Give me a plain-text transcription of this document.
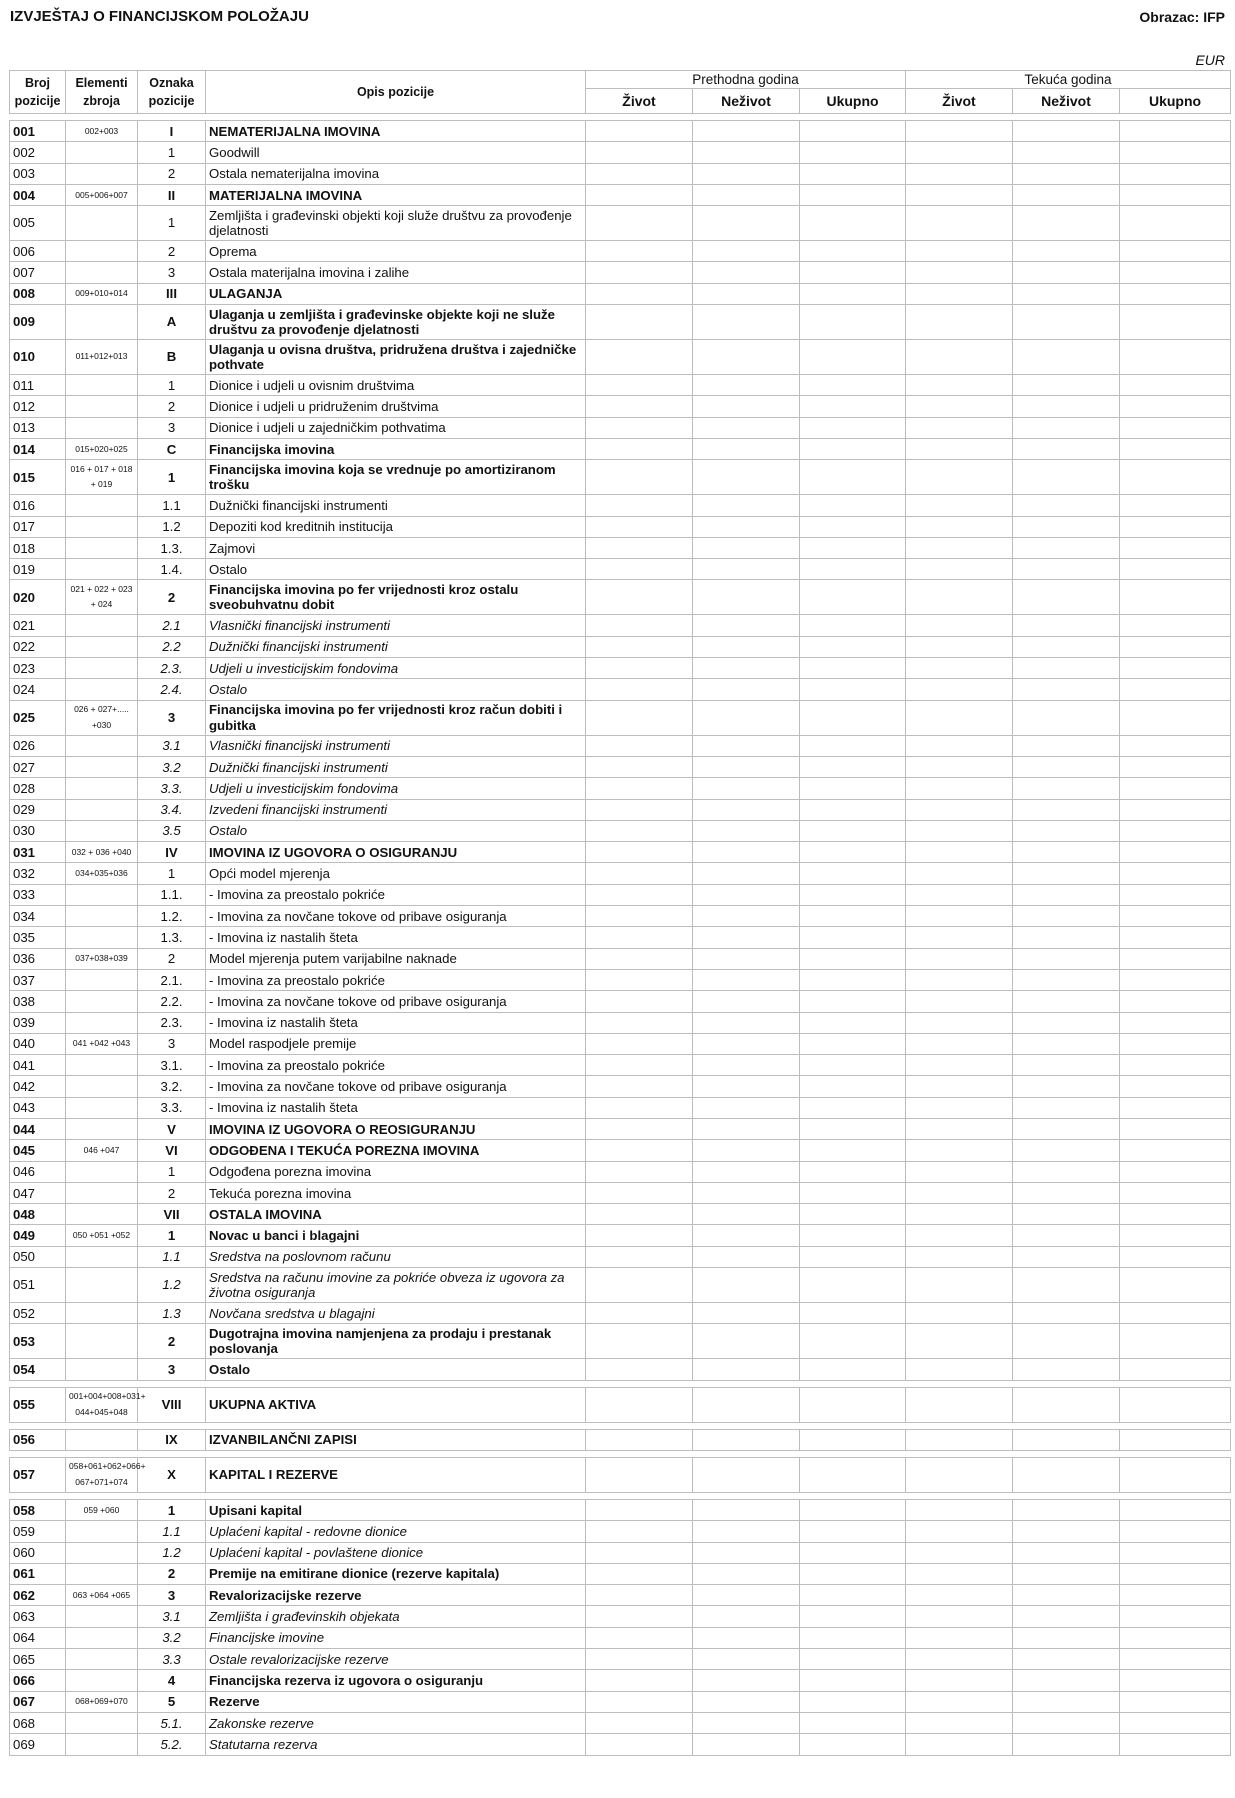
IZVJEŠTAJ O FINANCIJSKOM POLOŽAJU	Obrazac: IFP
EUR
Broj pozicije	Elementi zbroja	Oznaka pozicije	Opis pozicije	Prethodna godina			Tekuća godina		
				Život	Neživot	Ukupno	Život	Neživot	Ukupno

001	002+003	I	NEMATERIJALNA IMOVINA						
002		1	Goodwill						
003		2	Ostala nematerijalna imovina						
004	005+006+007	II	MATERIJALNA IMOVINA						
005		1	Zemljišta i građevinski objekti koji služe društvu za provođenje djelatnosti						
006		2	Oprema						
007		3	Ostala materijalna imovina i zalihe						
008	009+010+014	III	ULAGANJA						
009		A	Ulaganja u zemljišta i građevinske objekte koji ne služe društvu za provođenje djelatnosti						
010	011+012+013	B	Ulaganja u ovisna društva, pridružena društva i zajedničke pothvate						
011		1	Dionice i udjeli u ovisnim društvima						
012		2	Dionice i udjeli u pridruženim društvima						
013		3	Dionice i udjeli u zajedničkim pothvatima						
014	015+020+025	C	Financijska imovina						
015	016 + 017 + 018 + 019	1	Financijska imovina koja se vrednuje po amortiziranom trošku						
016		1.1	Dužnički financijski instrumenti						
017		1.2	Depoziti kod kreditnih institucija						
018		1.3.	Zajmovi						
019		1.4.	Ostalo						
020	021 + 022 + 023 + 024	2	Financijska imovina po fer vrijednosti kroz ostalu sveobuhvatnu dobit						
021		2.1	Vlasnički financijski instrumenti						
022		2.2	Dužnički financijski instrumenti						
023		2.3.	Udjeli u investicijskim fondovima						
024		2.4.	Ostalo						
025	026 + 027+..... +030	3	Financijska imovina po fer vrijednosti kroz račun dobiti i gubitka						
026		3.1	Vlasnički financijski instrumenti						
027		3.2	Dužnički financijski instrumenti						
028		3.3.	Udjeli u investicijskim fondovima						
029		3.4.	Izvedeni financijski instrumenti						
030		3.5	Ostalo						
031	032 + 036 +040	IV	IMOVINA IZ UGOVORA O OSIGURANJU						
032	034+035+036	1	Opći model mjerenja						
033		1.1.	- Imovina za preostalo pokriće						
034		1.2.	- Imovina za novčane tokove od pribave osiguranja						
035		1.3.	- Imovina iz nastalih šteta						
036	037+038+039	2	Model mjerenja putem varijabilne naknade						
037		2.1.	- Imovina za preostalo pokriće						
038		2.2.	- Imovina za novčane tokove od pribave osiguranja						
039		2.3.	- Imovina iz nastalih šteta						
040	041 +042 +043	3	Model raspodjele premije						
041		3.1.	- Imovina za preostalo pokriće						
042		3.2.	- Imovina za novčane tokove od pribave osiguranja						
043		3.3.	- Imovina iz nastalih šteta						
044		V	IMOVINA IZ UGOVORA O REOSIGURANJU						
045	046 +047	VI	ODGOĐENA I TEKUĆA POREZNA IMOVINA						
046		1	Odgođena porezna imovina						
047		2	Tekuća porezna imovina						
048		VII	OSTALA IMOVINA						
049	050 +051 +052	1	Novac u banci i blagajni						
050		1.1	Sredstva na poslovnom računu						
051		1.2	Sredstva na računu imovine za pokriće obveza iz ugovora za životna osiguranja						
052		1.3	Novčana sredstva u blagajni						
053		2	Dugotrajna imovina namjenjena za prodaju i prestanak poslovanja						
054		3	Ostalo						

055	001+004+008+031+ 044+045+048	VIII	UKUPNA AKTIVA						

056		IX	IZVANBILANČNI ZAPISI						

057	058+061+062+066+ 067+071+074	X	KAPITAL I REZERVE						

058	059 +060	1	Upisani kapital						
059		1.1	Uplaćeni kapital - redovne dionice						
060		1.2	Uplaćeni kapital - povlaštene dionice						
061		2	Premije na emitirane dionice (rezerve kapitala)						
062	063 +064 +065	3	Revalorizacijske rezerve						
063		3.1	Zemljišta i građevinskih objekata						
064		3.2	Financijske imovine						
065		3.3	Ostale revalorizacijske rezerve						
066		4	Financijska rezerva iz ugovora o osiguranju						
067	068+069+070	5	Rezerve						
068		5.1.	Zakonske rezerve						
069		5.2.	Statutarna rezerva						
